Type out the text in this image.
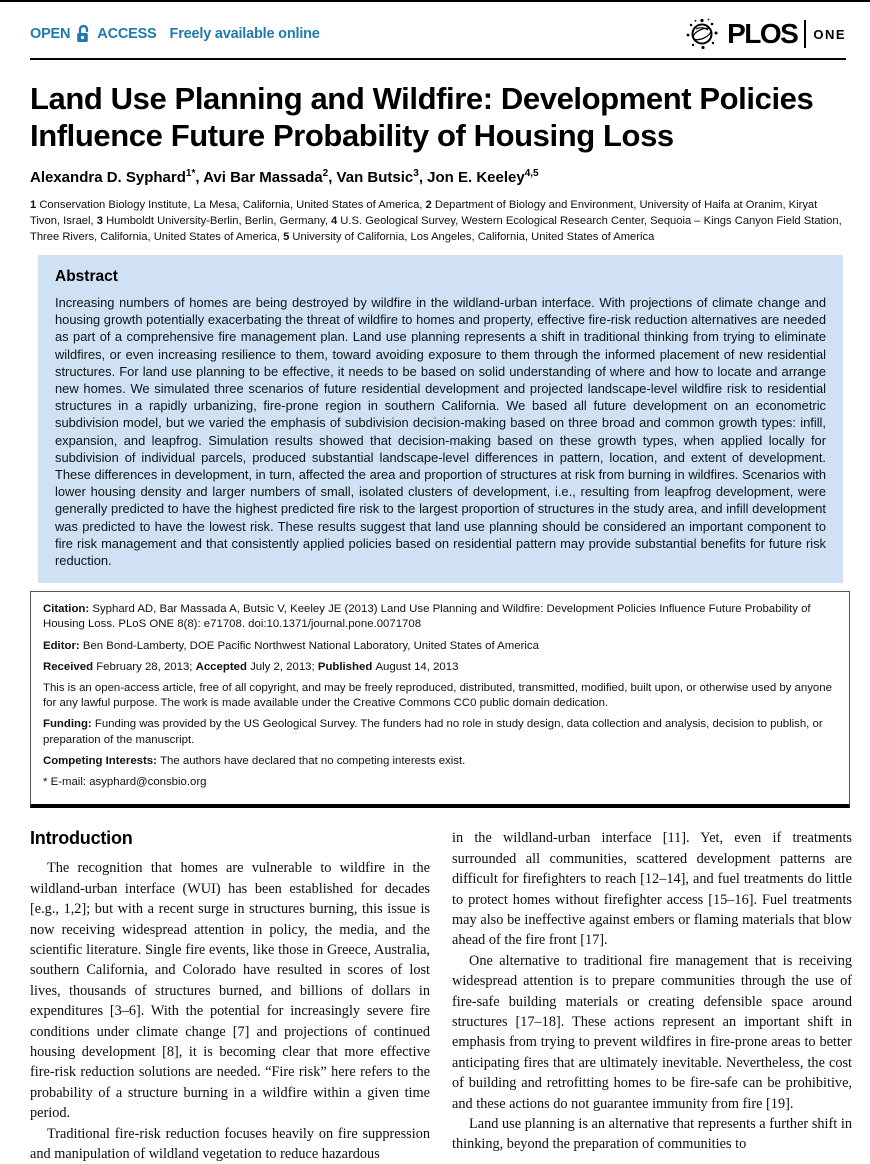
OPEN ACCESS Freely available online	PLOS ONE
Land Use Planning and Wildfire: Development Policies Influence Future Probability of Housing Loss
Alexandra D. Syphard$^{1*}$, Avi Bar Massada$^2$, Van Butsic$^3$, Jon E. Keeley$^{4,5}$

1 Conservation Biology Institute, La Mesa, California, United States of America, 2 Department of Biology and Environment, University of Haifa at Oranim, Kiryat Tivon, Israel, 3 Humboldt University-Berlin, Berlin, Germany, 4 U.S. Geological Survey, Western Ecological Research Center, Sequoia – Kings Canyon Field Station, Three Rivers, California, United States of America, 5 University of California, Los Angeles, California, United States of America

Abstract

Increasing numbers of homes are being destroyed by wildfire in the wildland-urban interface. With projections of climate change and housing growth potentially exacerbating the threat of wildfire to homes and property, effective fire-risk reduction alternatives are needed as part of a comprehensive fire management plan. Land use planning represents a shift in traditional thinking from trying to eliminate wildfires, or even increasing resilience to them, toward avoiding exposure to them through the informed placement of new residential structures. For land use planning to be effective, it needs to be based on solid understanding of where and how to locate and arrange new homes. We simulated three scenarios of future residential development and projected landscape-level wildfire risk to residential structures in a rapidly urbanizing, fire-prone region in southern California. We based all future development on an econometric subdivision model, but we varied the emphasis of subdivision decision-making based on three broad and common growth types: infill, expansion, and leapfrog. Simulation results showed that decision-making based on these growth types, when applied locally for subdivision of individual parcels, produced substantial landscape-level differences in pattern, location, and extent of development. These differences in development, in turn, affected the area and proportion of structures at risk from burning in wildfires. Scenarios with lower housing density and larger numbers of small, isolated clusters of development, i.e., resulting from leapfrog development, were generally predicted to have the highest predicted fire risk to the largest proportion of structures in the study area, and infill development was predicted to have the lowest risk. These results suggest that land use planning should be considered an important component to fire risk management and that consistently applied policies based on residential pattern may provide substantial benefits for future risk reduction.

Citation: Syphard AD, Bar Massada A, Butsic V, Keeley JE (2013) Land Use Planning and Wildfire: Development Policies Influence Future Probability of Housing Loss. PLoS ONE 8(8): e71708. doi:10.1371/journal.pone.0071708

Editor: Ben Bond-Lamberty, DOE Pacific Northwest National Laboratory, United States of America

Received February 28, 2013; Accepted July 2, 2013; Published August 14, 2013

This is an open-access article, free of all copyright, and may be freely reproduced, distributed, transmitted, modified, built upon, or otherwise used by anyone for any lawful purpose. The work is made available under the Creative Commons CC0 public domain dedication.

Funding: Funding was provided by the US Geological Survey. The funders had no role in study design, data collection and analysis, decision to publish, or preparation of the manuscript.

Competing Interests: The authors have declared that no competing interests exist.

* E-mail: asyphard@consbio.org

Introduction

The recognition that homes are vulnerable to wildfire in the wildland-urban interface (WUI) has been established for decades [e.g., 1,2]; but with a recent surge in structures burning, this issue is now receiving widespread attention in policy, the media, and the scientific literature. Single fire events, like those in Greece, Australia, southern California, and Colorado have resulted in scores of lost lives, thousands of structures burned, and billions of dollars in expenditures [3–6]. With the potential for increasingly severe fire conditions under climate change [7] and projections of continued housing development [8], it is becoming clear that more effective fire-risk reduction solutions are needed. “Fire risk” here refers to the probability of a structure burning in a wildfire within a given time period.

Traditional fire-risk reduction focuses heavily on fire suppression and manipulation of wildland vegetation to reduce hazardous

in the wildland-urban interface [11]. Yet, even if treatments surrounded all communities, scattered development patterns are difficult for firefighters to reach [12–14], and fuel treatments do little to protect homes without firefighter access [15–16]. Fuel treatments may also be ineffective against embers or flaming materials that blow ahead of the fire front [17].

One alternative to traditional fire management that is receiving widespread attention is to prepare communities through the use of fire-safe building materials or creating defensible space around structures [17–18]. These actions represent an important shift in emphasis from trying to prevent wildfires in fire-prone areas to better anticipating fires that are ultimately inevitable. Nevertheless, the cost of building and retrofitting homes to be fire-safe can be prohibitive, and these actions do not guarantee immunity from fire [19].

Land use planning is an alternative that represents a further shift in thinking, beyond the preparation of communities to
